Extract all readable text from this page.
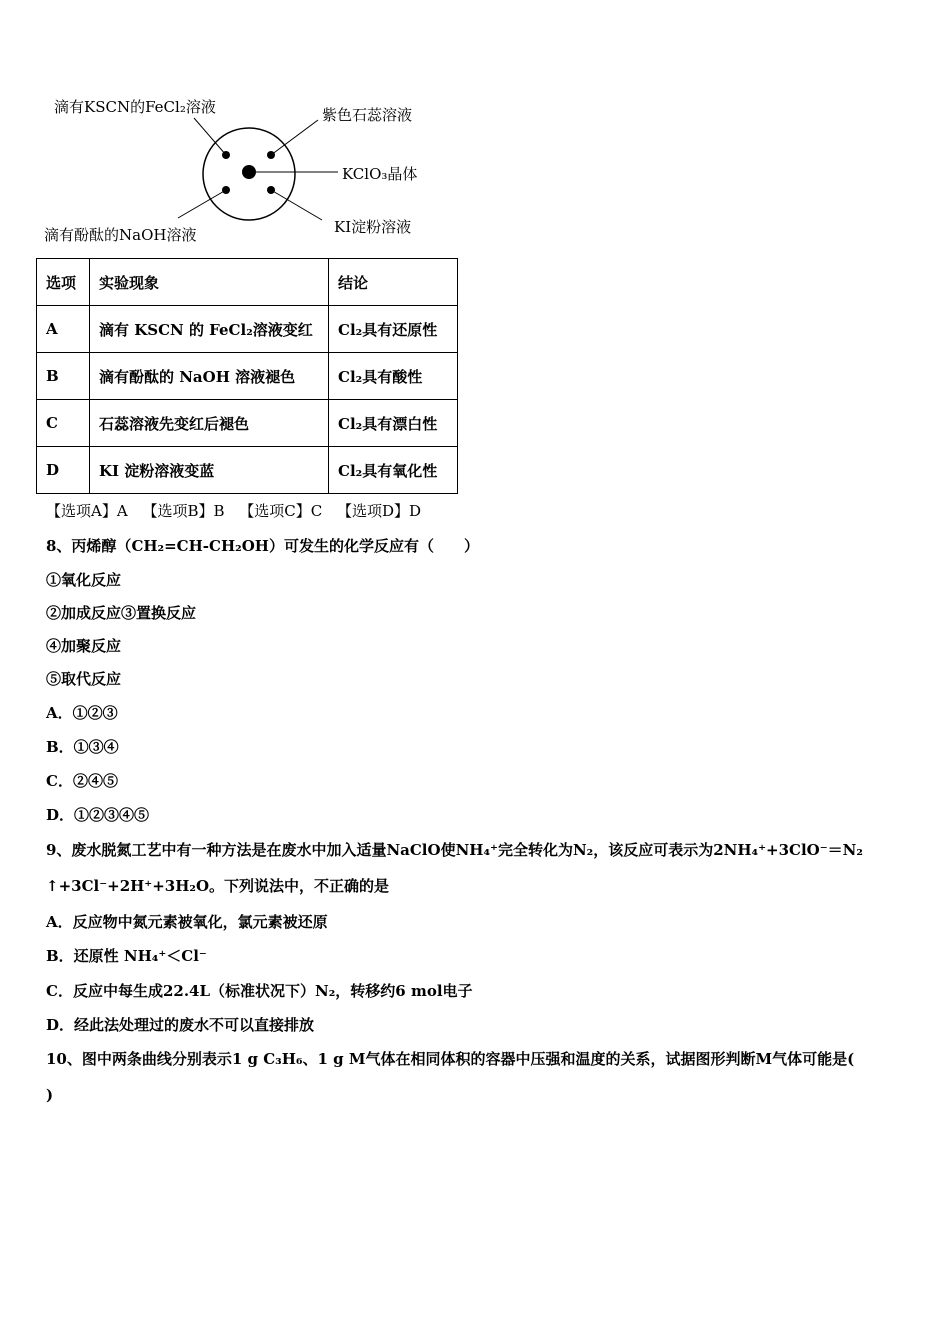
滴有KSCN的FeCl₂溶液	紫色石蕊溶液
KClO₃晶体
滴有酚酞的NaOH溶液	KI淀粉溶液
选项	实验现象	结论
A	滴有 KSCN 的 FeCl₂溶液变红	Cl₂具有还原性
B	滴有酚酞的 NaOH 溶液褪色	Cl₂具有酸性
C	石蕊溶液先变红后褪色	Cl₂具有漂白性
D	KI 淀粉溶液变蓝	Cl₂具有氧化性
【选项A】A 【选项B】B 【选项C】C 【选项D】D
8、丙烯醇（CH₂=CH-CH₂OH）可发生的化学反应有（　　）
①氧化反应
②加成反应③置换反应
④加聚反应
⑤取代反应
A．①②③
B．①③④
C．②④⑤
D．①②③④⑤
9、废水脱氮工艺中有一种方法是在废水中加入适量NaClO使NH₄⁺完全转化为N₂，该反应可表示为2NH₄⁺+3ClO⁻＝N₂
↑+3Cl⁻+2H⁺+3H₂O。下列说法中，不正确的是
A．反应物中氮元素被氧化，氯元素被还原
B．还原性 NH₄⁺＜Cl⁻
C．反应中每生成22.4L（标准状况下）N₂，转移约6 mol电子
D．经此法处理过的废水不可以直接排放
10、图中两条曲线分别表示1 g C₃H₆、1 g M气体在相同体积的容器中压强和温度的关系，试据图形判断M气体可能是(
)
